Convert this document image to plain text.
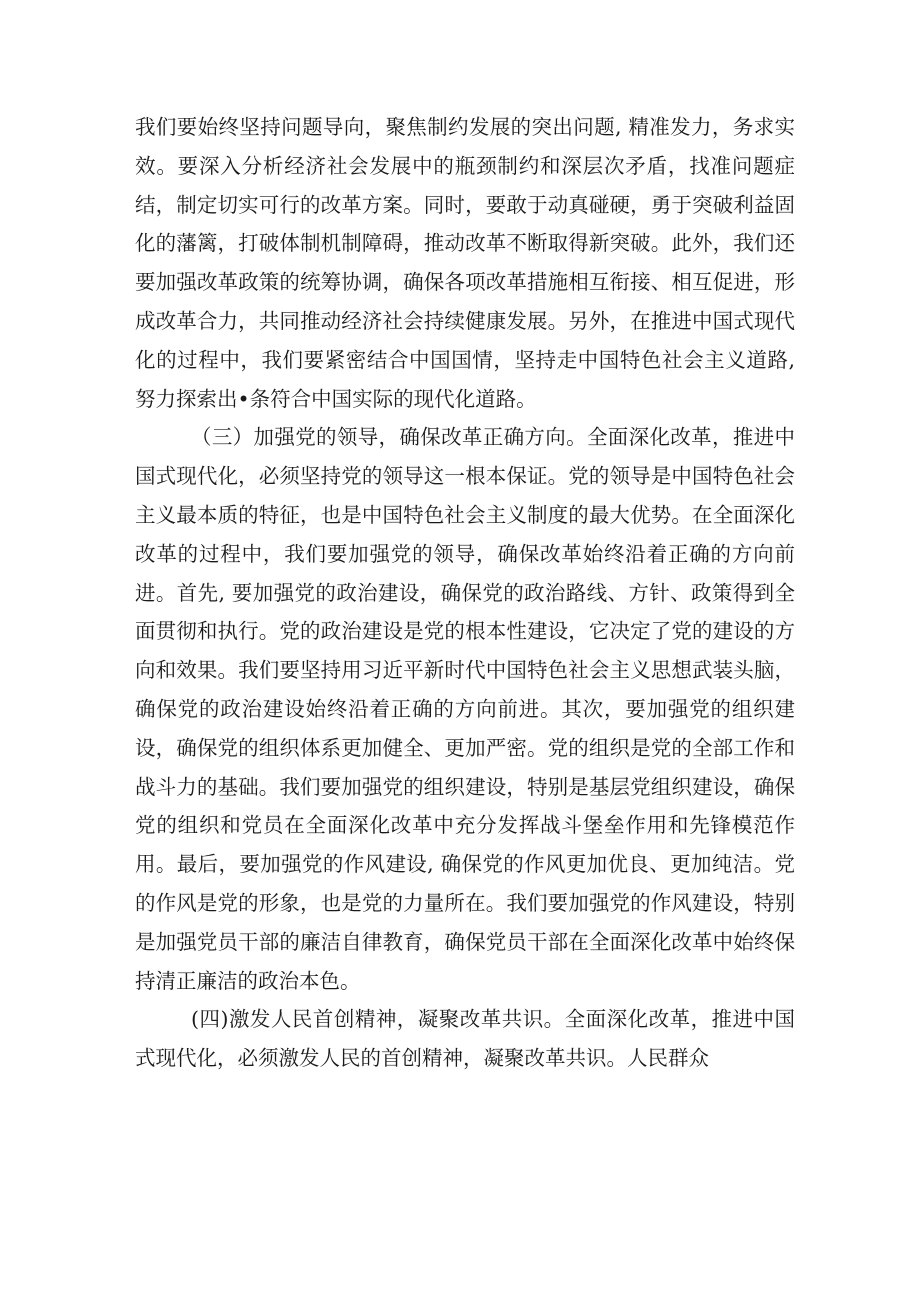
我们要始终坚持问题导向，聚焦制约发展的突出问题, 精准发力，务求实效。要深入分析经济社会发展中的瓶颈制约和深层次矛盾，找准问题症结，制定切实可行的改革方案。同时，要敢于动真碰硬，勇于突破利益固化的藩篱，打破体制机制障碍，推动改革不断取得新突破。此外，我们还要加强改革政策的统筹协调，确保各项改革措施相互衔接、相互促进，形成改革合力，共同推动经济社会持续健康发展。另外，在推进中国式现代化的过程中，我们要紧密结合中国国情，坚持走中国特色社会主义道路,努力探索出•条符合中国实际的现代化道路。

（三）加强党的领导，确保改革正确方向。全面深化改革，推进中国式现代化，必须坚持党的领导这一根本保证。党的领导是中国特色社会主义最本质的特征，也是中国特色社会主义制度的最大优势。在全面深化改革的过程中，我们要加强党的领导，确保改革始终沿着正确的方向前进。首先, 要加强党的政治建设，确保党的政治路线、方针、政策得到全面贯彻和执行。党的政治建设是党的根本性建设，它决定了党的建设的方向和效果。我们要坚持用习近平新时代中国特色社会主义思想武装头脑，确保党的政治建设始终沿着正确的方向前进。其次，要加强党的组织建设，确保党的组织体系更加健全、更加严密。党的组织是党的全部工作和战斗力的基础。我们要加强党的组织建设，特别是基层党组织建设，确保党的组织和党员在全面深化改革中充分发挥战斗堡垒作用和先锋模范作用。最后，要加强党的作风建设, 确保党的作风更加优良、更加纯洁。党的作风是党的形象，也是党的力量所在。我们要加强党的作风建设，特别是加强党员干部的廉洁自律教育，确保党员干部在全面深化改革中始终保持清正廉洁的政治本色。

(四)激发人民首创精神，凝聚改革共识。全面深化改革，推进中国式现代化，必须激发人民的首创精神，凝聚改革共识。人民群众
